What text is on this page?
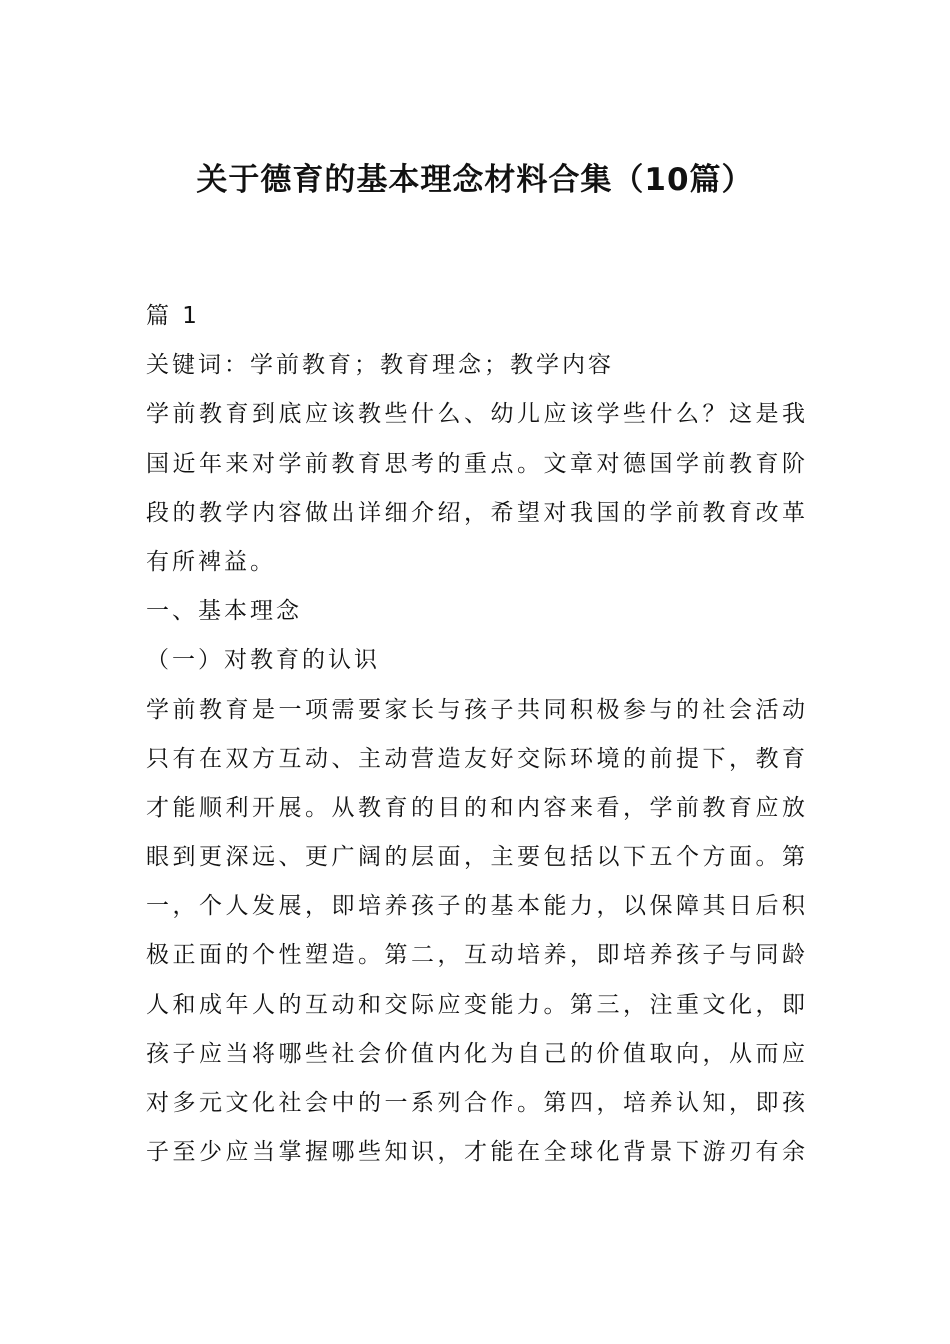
关于德育的基本理念材料合集（10篇）
篇 1
关键词：学前教育；教育理念；教学内容
学前教育到底应该教些什么、幼儿应该学些什么？这是我
国近年来对学前教育思考的重点。文章对德国学前教育阶
段的教学内容做出详细介绍，希望对我国的学前教育改革
有所裨益。
一、基本理念
（一）对教育的认识
学前教育是一项需要家长与孩子共同积极参与的社会活动
只有在双方互动、主动营造友好交际环境的前提下，教育
才能顺利开展。从教育的目的和内容来看，学前教育应放
眼到更深远、更广阔的层面，主要包括以下五个方面。第
一，个人发展，即培养孩子的基本能力，以保障其日后积
极正面的个性塑造。第二，互动培养，即培养孩子与同龄
人和成年人的互动和交际应变能力。第三，注重文化，即
孩子应当将哪些社会价值内化为自己的价值取向，从而应
对多元文化社会中的一系列合作。第四，培养认知，即孩
子至少应当掌握哪些知识，才能在全球化背景下游刃有余
